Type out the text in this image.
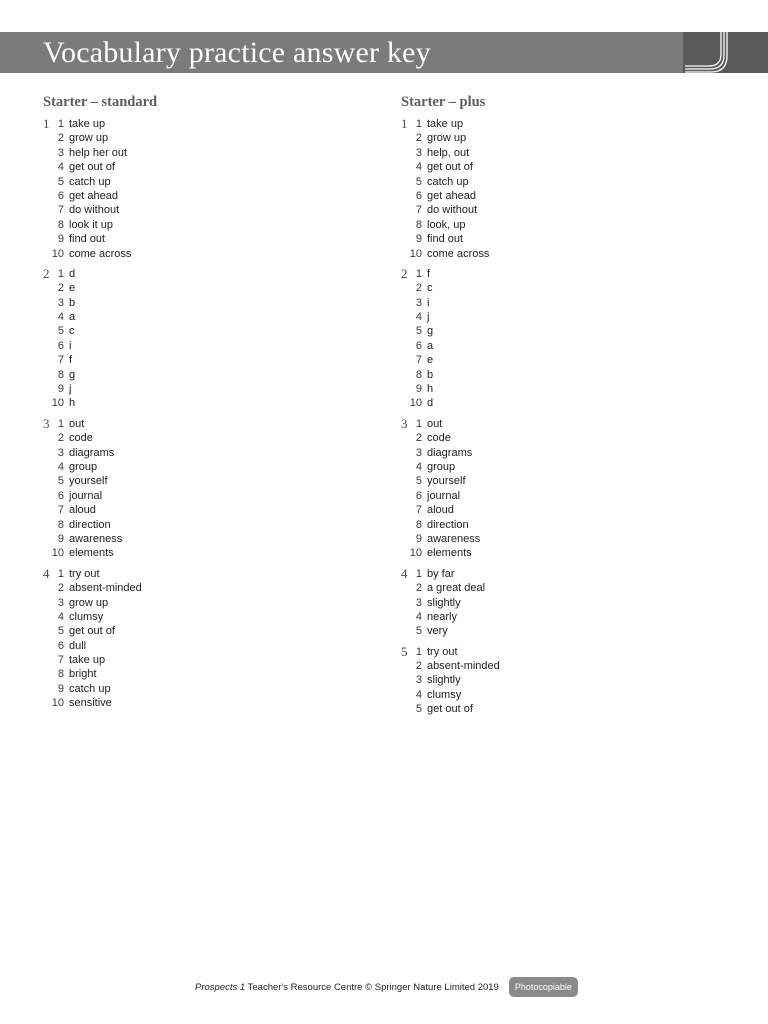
Vocabulary practice answer key
Starter – standard
1 1 take up
2 grow up
3 help her out
4 get out of
5 catch up
6 get ahead
7 do without
8 look it up
9 find out
10 come across
2 1 d
2 e
3 b
4 a
5 c
6 i
7 f
8 g
9 j
10 h
3 1 out
2 code
3 diagrams
4 group
5 yourself
6 journal
7 aloud
8 direction
9 awareness
10 elements
4 1 try out
2 absent-minded
3 grow up
4 clumsy
5 get out of
6 dull
7 take up
8 bright
9 catch up
10 sensitive
Starter – plus
1 1 take up
2 grow up
3 help, out
4 get out of
5 catch up
6 get ahead
7 do without
8 look, up
9 find out
10 come across
2 1 f
2 c
3 i
4 j
5 g
6 a
7 e
8 b
9 h
10 d
3 1 out
2 code
3 diagrams
4 group
5 yourself
6 journal
7 aloud
8 direction
9 awareness
10 elements
4 1 by far
2 a great deal
3 slightly
4 nearly
5 very
5 1 try out
2 absent-minded
3 slightly
4 clumsy
5 get out of
Prospects 1 Teacher's Resource Centre © Springer Nature Limited 2019	Photocopiable
